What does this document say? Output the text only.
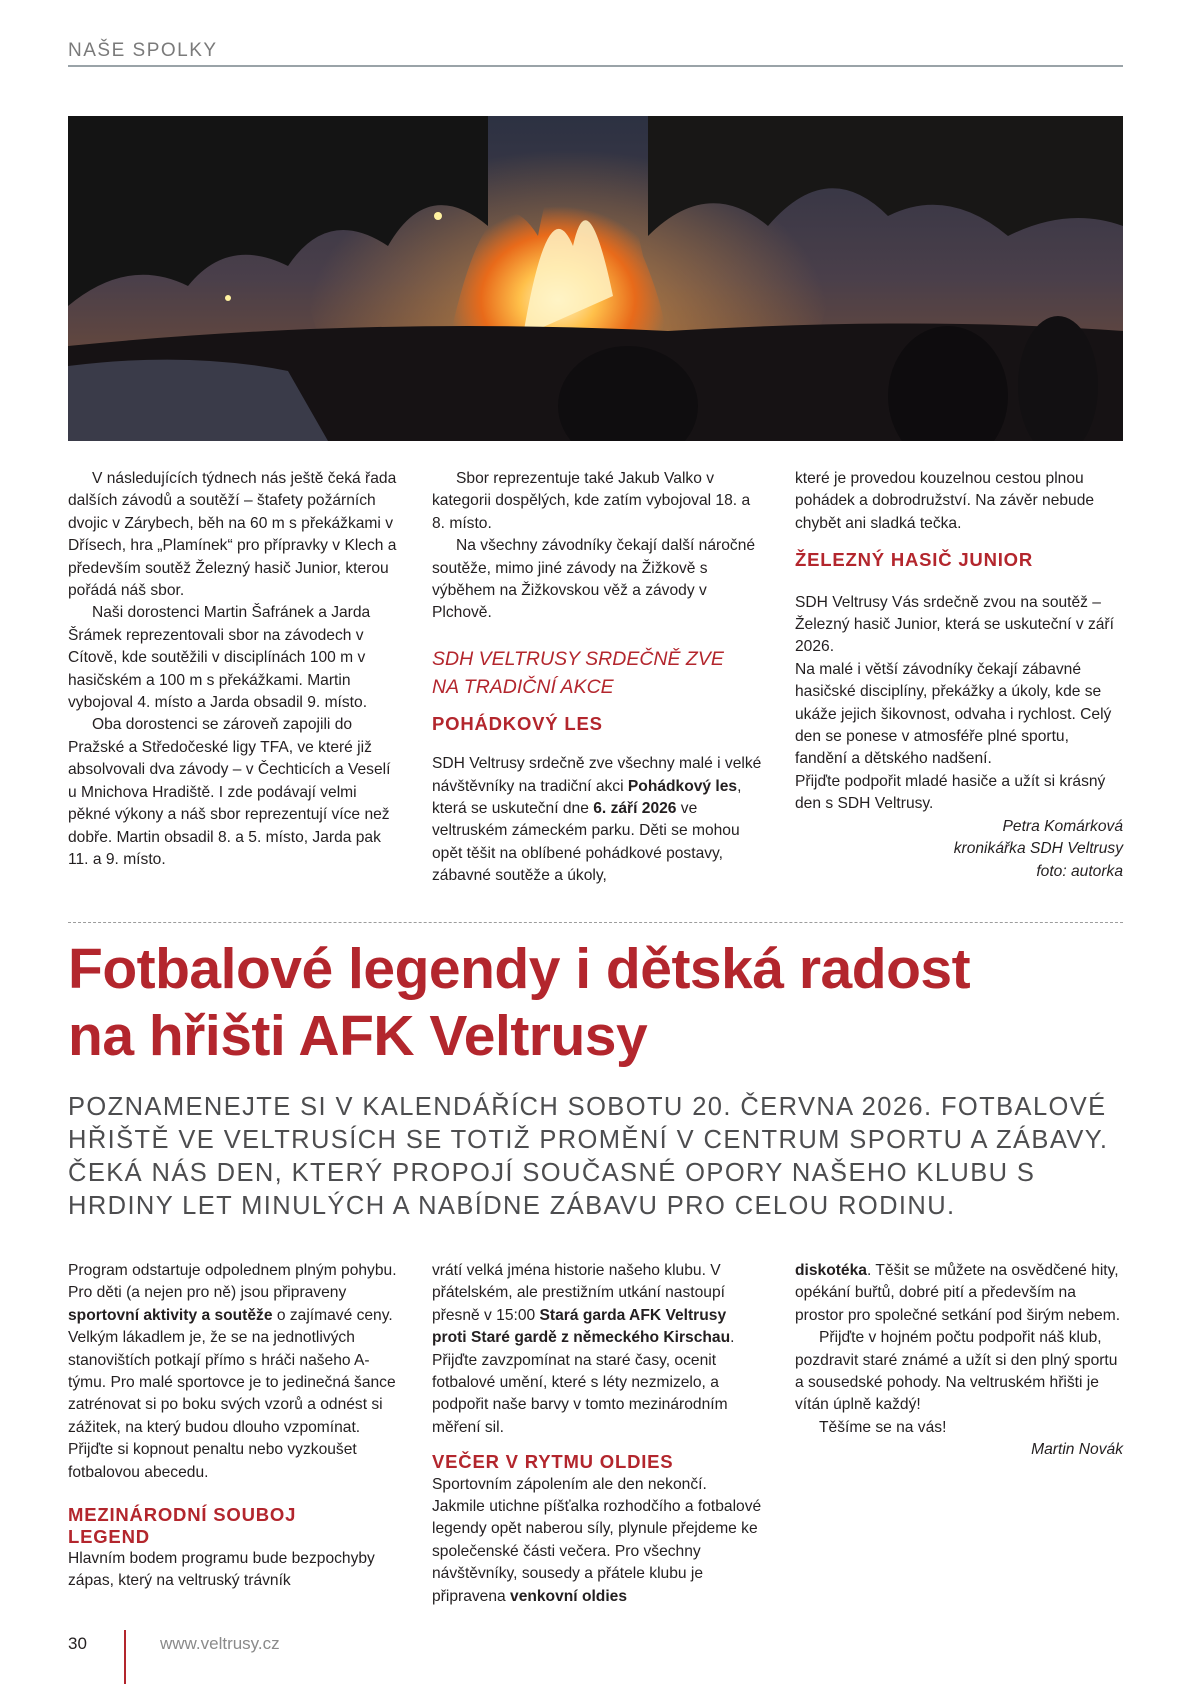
NAŠE SPOLKY

V následujících týdnech nás ještě čeká řada dalších závodů a soutěží – štafety požárních dvojic v Zárybech, běh na 60 m s překážkami v Dřísech, hra „Plamínek“ pro přípravky v Klech a především soutěž Železný hasič Junior, kterou pořádá náš sbor.

Naši dorostenci Martin Šafránek a Jarda Šrámek reprezentovali sbor na závodech v Cítově, kde soutěžili v disciplínách 100 m v hasičském a 100 m s překážkami. Martin vybojoval 4. místo a Jarda obsadil 9. místo.

Oba dorostenci se zároveň zapojili do Pražské a Středočeské ligy TFA, ve které již absolvovali dva závody – v Čechticích a Veselí u Mnichova Hradiště. I zde podávají velmi pěkné výkony a náš sbor reprezentují více než dobře. Martin obsadil 8. a 5. místo, Jarda pak 11. a 9. místo.

Sbor reprezentuje také Jakub Valko v kategorii dospělých, kde zatím vybojoval 18. a 8. místo.

Na všechny závodníky čekají další náročné soutěže, mimo jiné závody na Žižkově s výběhem na Žižkovskou věž a závody v Plchově.

SDH VELTRUSY SRDEČNĚ ZVE
NA TRADIČNÍ AKCE
POHÁDKOVÝ LES

SDH Veltrusy srdečně zve všechny malé i velké návštěvníky na tradiční akci Pohádkový les, která se uskuteční dne 6. září 2026 ve veltruském zámeckém parku. Děti se mohou opět těšit na oblíbené pohádkové postavy, zábavné soutěže a úkoly,

které je provedou kouzelnou cestou plnou pohádek a dobrodružství. Na závěr nebude chybět ani sladká tečka.

ŽELEZNÝ HASIČ JUNIOR

SDH Veltrusy Vás srdečně zvou na soutěž – Železný hasič Junior, která se uskuteční v září 2026.

Na malé i větší závodníky čekají zábavné hasičské disciplíny, překážky a úkoly, kde se ukáže jejich šikovnost, odvaha i rychlost. Celý den se ponese v atmosféře plné sportu, fandění a dětského nadšení.

Přijďte podpořit mladé hasiče a užít si krásný den s SDH Veltrusy.

Petra Komárková

kronikářka SDH Veltrusy

foto: autorka

Fotbalové legendy i dětská radost
na hřišti AFK Veltrusy
POZNAMENEJTE SI V KALENDÁŘÍCH SOBOTU 20. ČERVNA 2026. FOTBALOVÉ HŘIŠTĚ VE VELTRUSÍCH SE TOTIŽ PROMĚNÍ V CENTRUM SPORTU A ZÁBAVY. ČEKÁ NÁS DEN, KTERÝ PROPOJÍ SOUČASNÉ OPORY NAŠEHO KLUBU S HRDINY LET MINULÝCH A NABÍDNE ZÁBAVU PRO CELOU RODINU.

Program odstartuje odpolednem plným pohybu. Pro děti (a nejen pro ně) jsou připraveny sportovní aktivity a soutěže o zajímavé ceny. Velkým lákadlem je, že se na jednotlivých stanovištích potkají přímo s hráči našeho A-týmu. Pro malé sportovce je to jedinečná šance zatrénovat si po boku svých vzorů a odnést si zážitek, na který budou dlouho vzpomínat. Přijďte si kopnout penaltu nebo vyzkoušet fotbalovou abecedu.

MEZINÁRODNÍ SOUBOJ
LEGEND

Hlavním bodem programu bude bezpochyby zápas, který na veltruský trávník

vrátí velká jména historie našeho klubu. V přátelském, ale prestižním utkání nastoupí přesně v 15:00 Stará garda AFK Veltrusy proti Staré gardě z německého Kirschau. Přijďte zavzpomínat na staré časy, ocenit fotbalové umění, které s léty nezmizelo, a podpořit naše barvy v tomto mezinárodním měření sil.

VEČER V RYTMU OLDIES

Sportovním zápolením ale den nekončí. Jakmile utichne píšťalka rozhodčího a fotbalové legendy opět naberou síly, plynule přejdeme ke společenské části večera. Pro všechny návštěvníky, sousedy a přátele klubu je připravena venkovní oldies

diskotéka. Těšit se můžete na osvědčené hity, opékání buřtů, dobré pití a především na prostor pro společné setkání pod širým nebem.

Přijďte v hojném počtu podpořit náš klub, pozdravit staré známé a užít si den plný sportu a sousedské pohody. Na veltruském hřišti je vítán úplně každý!

Těšíme se na vás!

Martin Novák

30	www.veltrusy.cz
